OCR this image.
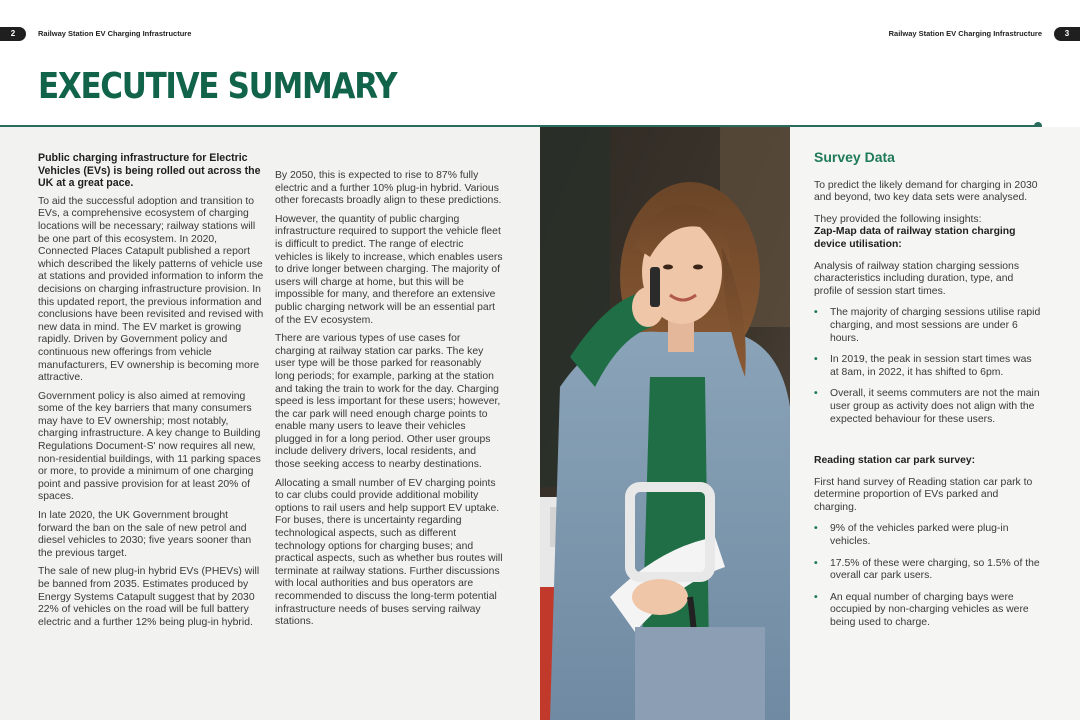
2	Railway Station EV Charging Infrastructure	Railway Station EV Charging Infrastructure	3
EXECUTIVE SUMMARY

Public charging infrastructure for Electric Vehicles (EVs) is being rolled out across the UK at a great pace.

To aid the successful adoption and transition to EVs, a comprehensive ecosystem of charging locations will be necessary; railway stations will be one part of this ecosystem. In 2020, Connected Places Catapult published a report which described the likely patterns of vehicle use at stations and provided information to inform the decisions on charging infrastructure provision. In this updated report, the previous information and conclusions have been revisited and revised with new data in mind. The EV market is growing rapidly. Driven by Government policy and continuous new offerings from vehicle manufacturers, EV ownership is becoming more attractive.

Government policy is also aimed at removing some of the key barriers that many consumers may have to EV ownership; most notably, charging infrastructure. A key change to Building Regulations Document-S' now requires all new, non-residential buildings, with 11 parking spaces or more, to provide a minimum of one charging point and passive provision for at least 20% of spaces.

In late 2020, the UK Government brought forward the ban on the sale of new petrol and diesel vehicles to 2030; five years sooner than the previous target.

The sale of new plug-in hybrid EVs (PHEVs) will be banned from 2035. Estimates produced by Energy Systems Catapult suggest that by 2030 22% of vehicles on the road will be full battery electric and a further 12% being plug-in hybrid.

By 2050, this is expected to rise to 87% fully electric and a further 10% plug-in hybrid. Various other forecasts broadly align to these predictions.

However, the quantity of public charging infrastructure required to support the vehicle fleet is difficult to predict. The range of electric vehicles is likely to increase, which enables users to drive longer between charging. The majority of users will charge at home, but this will be impossible for many, and therefore an extensive public charging network will be an essential part of the EV ecosystem.

There are various types of use cases for charging at railway station car parks. The key user type will be those parked for reasonably long periods; for example, parking at the station and taking the train to work for the day. Charging speed is less important for these users; however, the car park will need enough charge points to enable many users to leave their vehicles plugged in for a long period. Other user groups include delivery drivers, local residents, and those seeking access to nearby destinations.

Allocating a small number of EV charging points to car clubs could provide additional mobility options to rail users and help support EV uptake. For buses, there is uncertainty regarding technological aspects, such as different technology options for charging buses; and practical aspects, such as whether bus routes will terminate at railway stations. Further discussions with local authorities and bus operators are recommended to discuss the long-term potential infrastructure needs of buses serving railway stations.

Survey Data

To predict the likely demand for charging in 2030 and beyond, two key data sets were analysed.

They provided the following insights:

Zap-Map data of railway station charging device utilisation:

Analysis of railway station charging sessions characteristics including duration, type, and profile of session start times.

• The majority of charging sessions utilise rapid charging, and most sessions are under 6 hours.
• In 2019, the peak in session start times was at 8am, in 2022, it has shifted to 6pm.
• Overall, it seems commuters are not the main user group as activity does not align with the expected behaviour for these users.

Reading station car park survey:

First hand survey of Reading station car park to determine proportion of EVs parked and charging.

• 9% of the vehicles parked were plug-in vehicles.
• 17.5% of these were charging, so 1.5% of the overall car park users.
• An equal number of charging bays were occupied by non-charging vehicles as were being used to charge.
